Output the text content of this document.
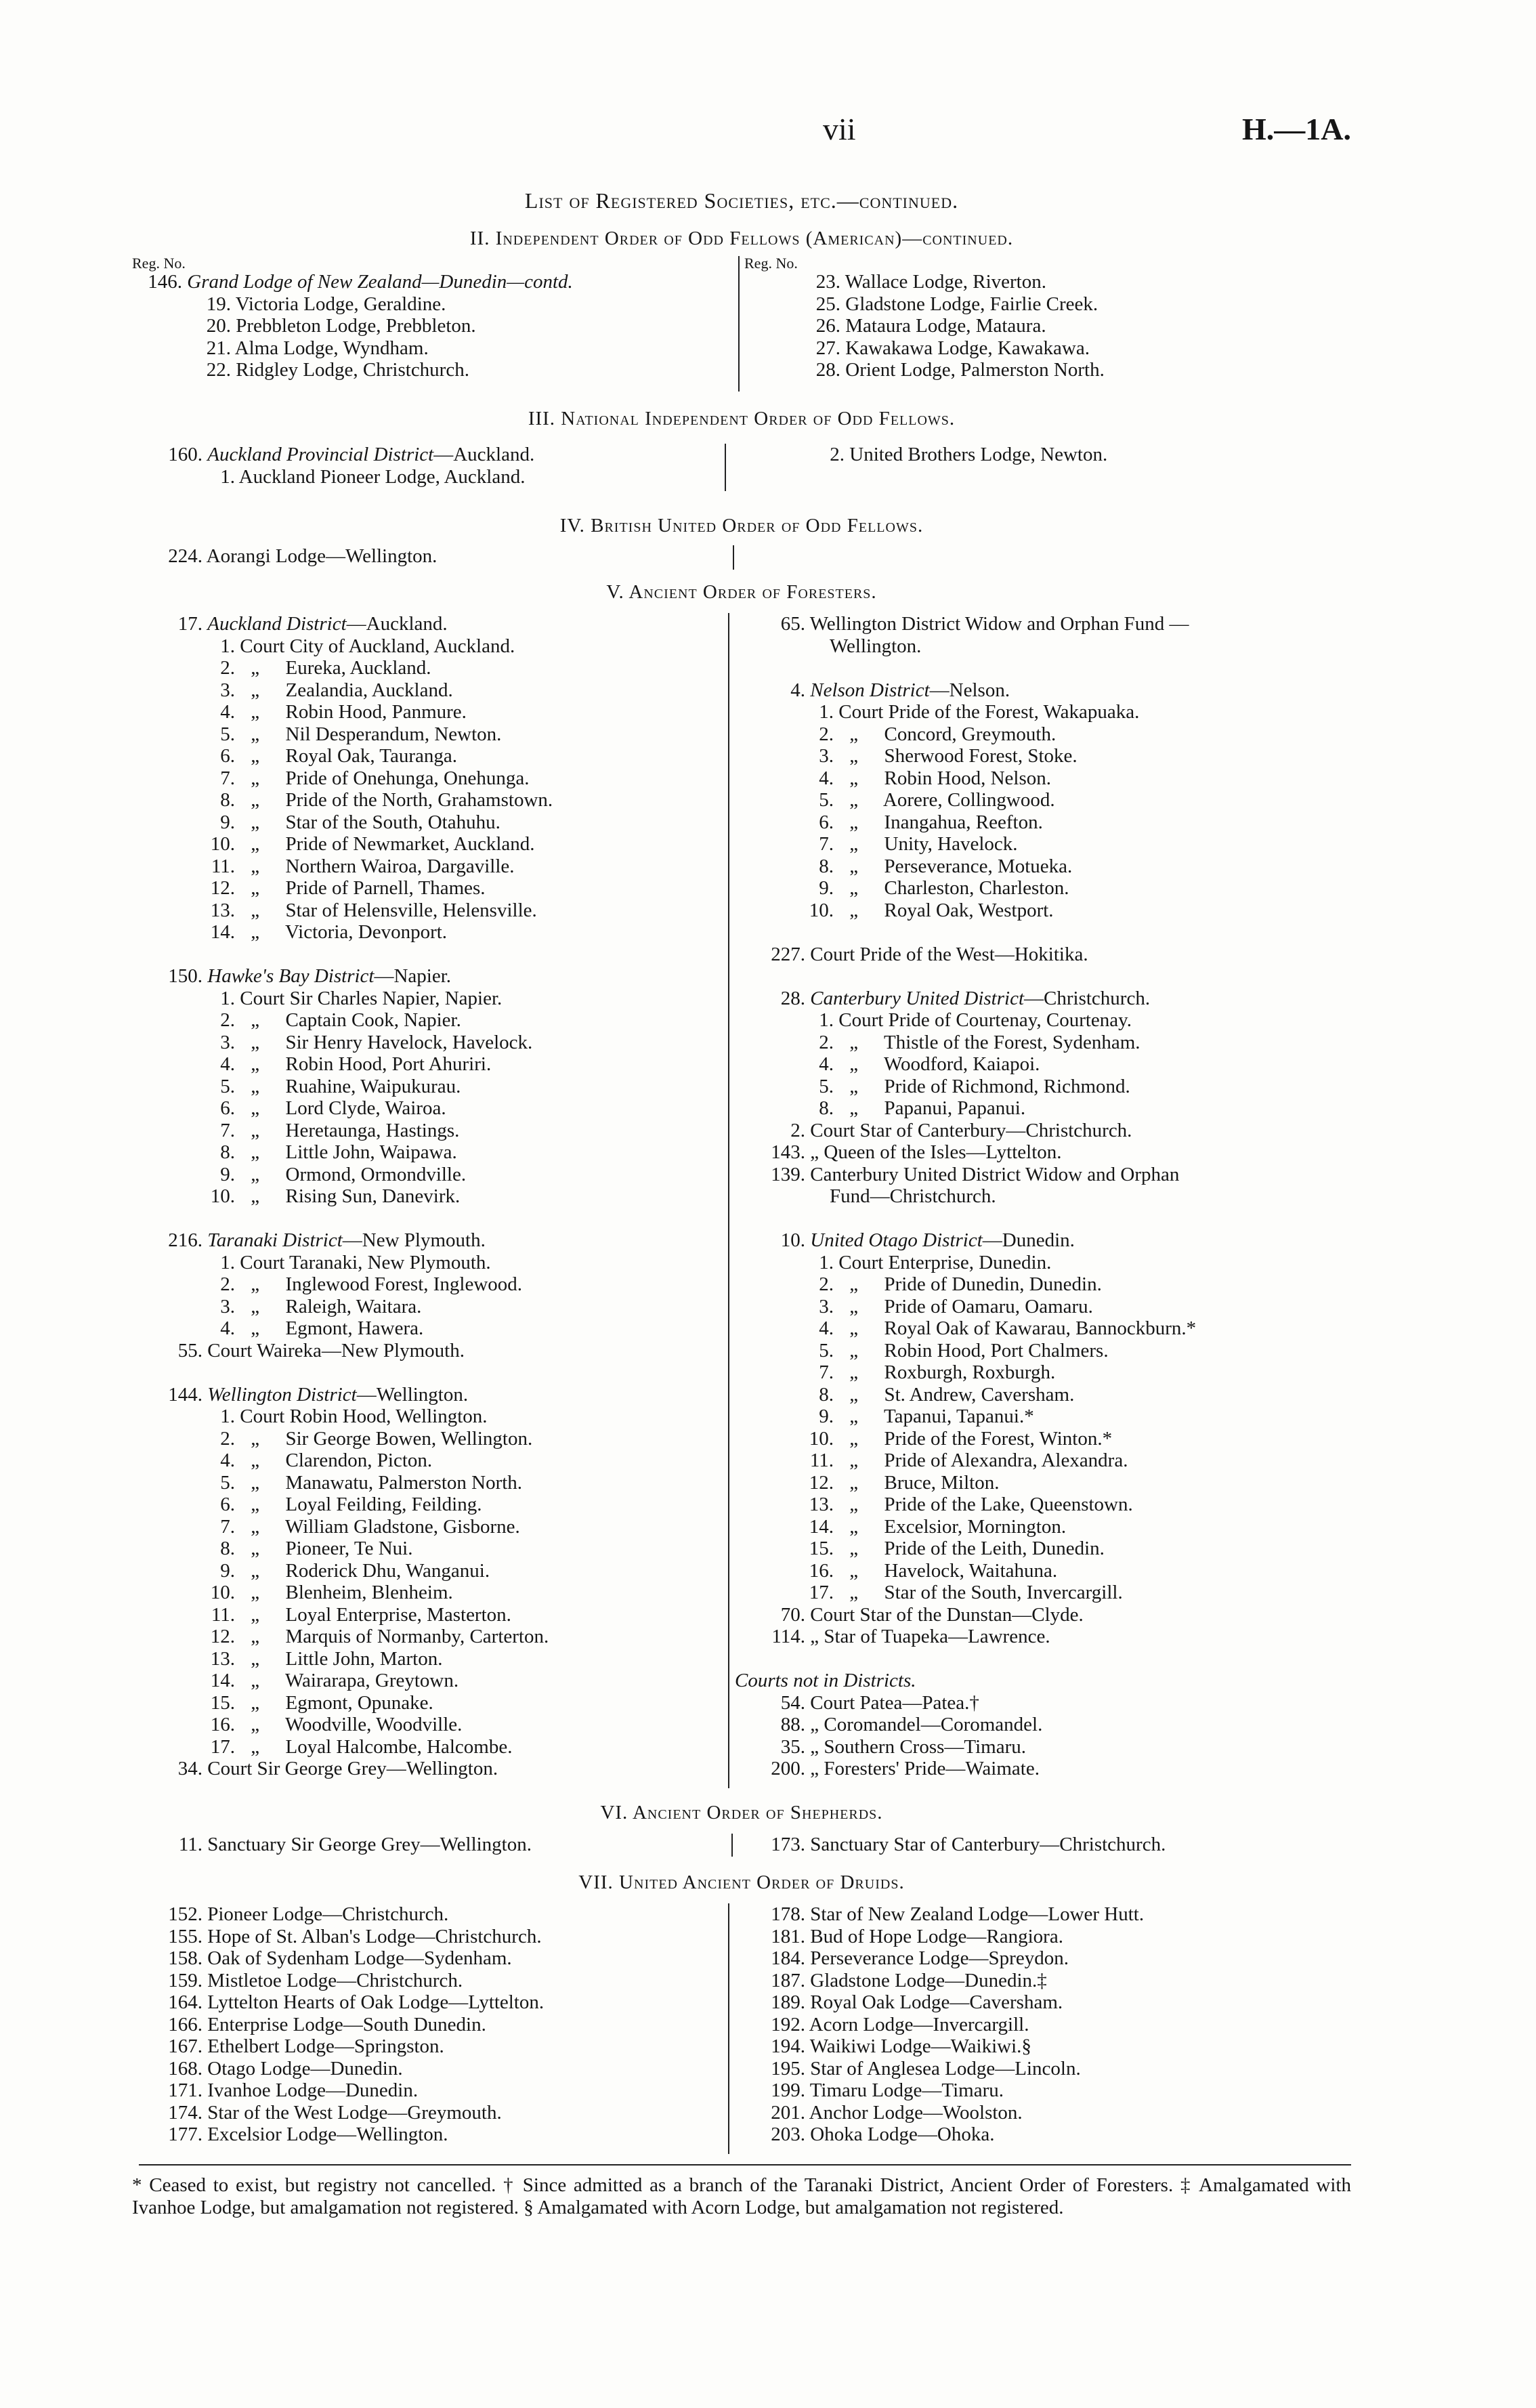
vii	H.—1A.
List of Registered Societies, etc.—continued.
II. Independent Order of Odd Fellows (American)—continued.
Reg. No.
146. Grand Lodge of New Zealand—Dunedin—contd.
19. Victoria Lodge, Geraldine.
20. Prebbleton Lodge, Prebbleton.
21. Alma Lodge, Wyndham.
22. Ridgley Lodge, Christchurch.
Reg. No.
23. Wallace Lodge, Riverton.
25. Gladstone Lodge, Fairlie Creek.
26. Mataura Lodge, Mataura.
27. Kawakawa Lodge, Kawakawa.
28. Orient Lodge, Palmerston North.
III. National Independent Order of Odd Fellows.
160. Auckland Provincial District—Auckland.
1. Auckland Pioneer Lodge, Auckland.
2. United Brothers Lodge, Newton.
IV. British United Order of Odd Fellows.
224. Aorangi Lodge—Wellington.
V. Ancient Order of Foresters.
17. Auckland District—Auckland.
1. Court City of Auckland, Auckland.
2. „ Eureka, Auckland.
3. „ Zealandia, Auckland.
4. „ Robin Hood, Panmure.
5. „ Nil Desperandum, Newton.
6. „ Royal Oak, Tauranga.
7. „ Pride of Onehunga, Onehunga.
8. „ Pride of the North, Grahamstown.
9. „ Star of the South, Otahuhu.
10. „ Pride of Newmarket, Auckland.
11. „ Northern Wairoa, Dargaville.
12. „ Pride of Parnell, Thames.
13. „ Star of Helensville, Helensville.
14. „ Victoria, Devonport.
150. Hawke's Bay District—Napier.
1. Court Sir Charles Napier, Napier.
2. „ Captain Cook, Napier.
3. „ Sir Henry Havelock, Havelock.
4. „ Robin Hood, Port Ahuriri.
5. „ Ruahine, Waipukurau.
6. „ Lord Clyde, Wairoa.
7. „ Heretaunga, Hastings.
8. „ Little John, Waipawa.
9. „ Ormond, Ormondville.
10. „ Rising Sun, Danevirk.
216. Taranaki District—New Plymouth.
1. Court Taranaki, New Plymouth.
2. „ Inglewood Forest, Inglewood.
3. „ Raleigh, Waitara.
4. „ Egmont, Hawera.
55. Court Waireka—New Plymouth.
144. Wellington District—Wellington.
1. Court Robin Hood, Wellington.
2. „ Sir George Bowen, Wellington.
4. „ Clarendon, Picton.
5. „ Manawatu, Palmerston North.
6. „ Loyal Feilding, Feilding.
7. „ William Gladstone, Gisborne.
8. „ Pioneer, Te Nui.
9. „ Roderick Dhu, Wanganui.
10. „ Blenheim, Blenheim.
11. „ Loyal Enterprise, Masterton.
12. „ Marquis of Normanby, Carterton.
13. „ Little John, Marton.
14. „ Wairarapa, Greytown.
15. „ Egmont, Opunake.
16. „ Woodville, Woodville.
17. „ Loyal Halcombe, Halcombe.
34. Court Sir George Grey—Wellington.
65. Wellington District Widow and Orphan Fund —
Wellington.
4. Nelson District—Nelson.
1. Court Pride of the Forest, Wakapuaka.
2. „ Concord, Greymouth.
3. „ Sherwood Forest, Stoke.
4. „ Robin Hood, Nelson.
5. „ Aorere, Collingwood.
6. „ Inangahua, Reefton.
7. „ Unity, Havelock.
8. „ Perseverance, Motueka.
9. „ Charleston, Charleston.
10. „ Royal Oak, Westport.
227. Court Pride of the West—Hokitika.
28. Canterbury United District—Christchurch.
1. Court Pride of Courtenay, Courtenay.
2. „ Thistle of the Forest, Sydenham.
4. „ Woodford, Kaiapoi.
5. „ Pride of Richmond, Richmond.
8. „ Papanui, Papanui.
2. Court Star of Canterbury—Christchurch.
143. „ Queen of the Isles—Lyttelton.
139. Canterbury United District Widow and Orphan
Fund—Christchurch.
10. United Otago District—Dunedin.
1. Court Enterprise, Dunedin.
2. „ Pride of Dunedin, Dunedin.
3. „ Pride of Oamaru, Oamaru.
4. „ Royal Oak of Kawarau, Bannockburn.*
5. „ Robin Hood, Port Chalmers.
7. „ Roxburgh, Roxburgh.
8. „ St. Andrew, Caversham.
9. „ Tapanui, Tapanui.*
10. „ Pride of the Forest, Winton.*
11. „ Pride of Alexandra, Alexandra.
12. „ Bruce, Milton.
13. „ Pride of the Lake, Queenstown.
14. „ Excelsior, Mornington.
15. „ Pride of the Leith, Dunedin.
16. „ Havelock, Waitahuna.
17. „ Star of the South, Invercargill.
70. Court Star of the Dunstan—Clyde.
114. „ Star of Tuapeka—Lawrence.
Courts not in Districts.
54. Court Patea—Patea.†
88. „ Coromandel—Coromandel.
35. „ Southern Cross—Timaru.
200. „ Foresters' Pride—Waimate.
VI. Ancient Order of Shepherds.
11. Sanctuary Sir George Grey—Wellington.	173. Sanctuary Star of Canterbury—Christchurch.
VII. United Ancient Order of Druids.
152. Pioneer Lodge—Christchurch.
155. Hope of St. Alban's Lodge—Christchurch.
158. Oak of Sydenham Lodge—Sydenham.
159. Mistletoe Lodge—Christchurch.
164. Lyttelton Hearts of Oak Lodge—Lyttelton.
166. Enterprise Lodge—South Dunedin.
167. Ethelbert Lodge—Springston.
168. Otago Lodge—Dunedin.
171. Ivanhoe Lodge—Dunedin.
174. Star of the West Lodge—Greymouth.
177. Excelsior Lodge—Wellington.
178. Star of New Zealand Lodge—Lower Hutt.
181. Bud of Hope Lodge—Rangiora.
184. Perseverance Lodge—Spreydon.
187. Gladstone Lodge—Dunedin.‡
189. Royal Oak Lodge—Caversham.
192. Acorn Lodge—Invercargill.
194. Waikiwi Lodge—Waikiwi.§
195. Star of Anglesea Lodge—Lincoln.
199. Timaru Lodge—Timaru.
201. Anchor Lodge—Woolston.
203. Ohoka Lodge—Ohoka.
* Ceased to exist, but registry not cancelled. † Since admitted as a branch of the Taranaki District, Ancient Order of Foresters. ‡ Amalgamated with Ivanhoe Lodge, but amalgamation not registered. § Amalgamated with Acorn Lodge, but amalgamation not registered.
